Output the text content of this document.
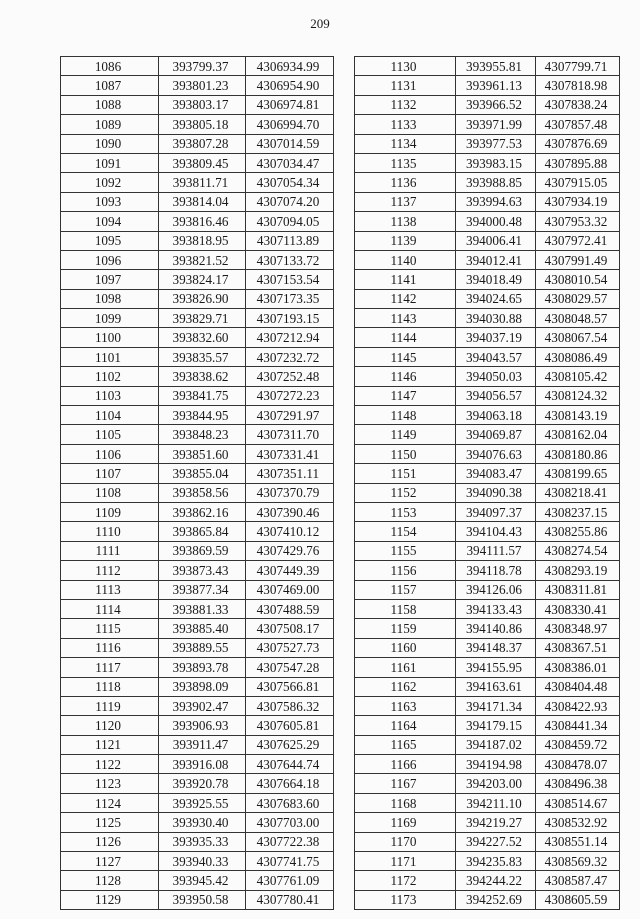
209
1086	393799.37	4306934.99
1087	393801.23	4306954.90
1088	393803.17	4306974.81
1089	393805.18	4306994.70
1090	393807.28	4307014.59
1091	393809.45	4307034.47
1092	393811.71	4307054.34
1093	393814.04	4307074.20
1094	393816.46	4307094.05
1095	393818.95	4307113.89
1096	393821.52	4307133.72
1097	393824.17	4307153.54
1098	393826.90	4307173.35
1099	393829.71	4307193.15
1100	393832.60	4307212.94
1101	393835.57	4307232.72
1102	393838.62	4307252.48
1103	393841.75	4307272.23
1104	393844.95	4307291.97
1105	393848.23	4307311.70
1106	393851.60	4307331.41
1107	393855.04	4307351.11
1108	393858.56	4307370.79
1109	393862.16	4307390.46
1110	393865.84	4307410.12
1111	393869.59	4307429.76
1112	393873.43	4307449.39
1113	393877.34	4307469.00
1114	393881.33	4307488.59
1115	393885.40	4307508.17
1116	393889.55	4307527.73
1117	393893.78	4307547.28
1118	393898.09	4307566.81
1119	393902.47	4307586.32
1120	393906.93	4307605.81
1121	393911.47	4307625.29
1122	393916.08	4307644.74
1123	393920.78	4307664.18
1124	393925.55	4307683.60
1125	393930.40	4307703.00
1126	393935.33	4307722.38
1127	393940.33	4307741.75
1128	393945.42	4307761.09
1129	393950.58	4307780.41
1130	393955.81	4307799.71
1131	393961.13	4307818.98
1132	393966.52	4307838.24
1133	393971.99	4307857.48
1134	393977.53	4307876.69
1135	393983.15	4307895.88
1136	393988.85	4307915.05
1137	393994.63	4307934.19
1138	394000.48	4307953.32
1139	394006.41	4307972.41
1140	394012.41	4307991.49
1141	394018.49	4308010.54
1142	394024.65	4308029.57
1143	394030.88	4308048.57
1144	394037.19	4308067.54
1145	394043.57	4308086.49
1146	394050.03	4308105.42
1147	394056.57	4308124.32
1148	394063.18	4308143.19
1149	394069.87	4308162.04
1150	394076.63	4308180.86
1151	394083.47	4308199.65
1152	394090.38	4308218.41
1153	394097.37	4308237.15
1154	394104.43	4308255.86
1155	394111.57	4308274.54
1156	394118.78	4308293.19
1157	394126.06	4308311.81
1158	394133.43	4308330.41
1159	394140.86	4308348.97
1160	394148.37	4308367.51
1161	394155.95	4308386.01
1162	394163.61	4308404.48
1163	394171.34	4308422.93
1164	394179.15	4308441.34
1165	394187.02	4308459.72
1166	394194.98	4308478.07
1167	394203.00	4308496.38
1168	394211.10	4308514.67
1169	394219.27	4308532.92
1170	394227.52	4308551.14
1171	394235.83	4308569.32
1172	394244.22	4308587.47
1173	394252.69	4308605.59
